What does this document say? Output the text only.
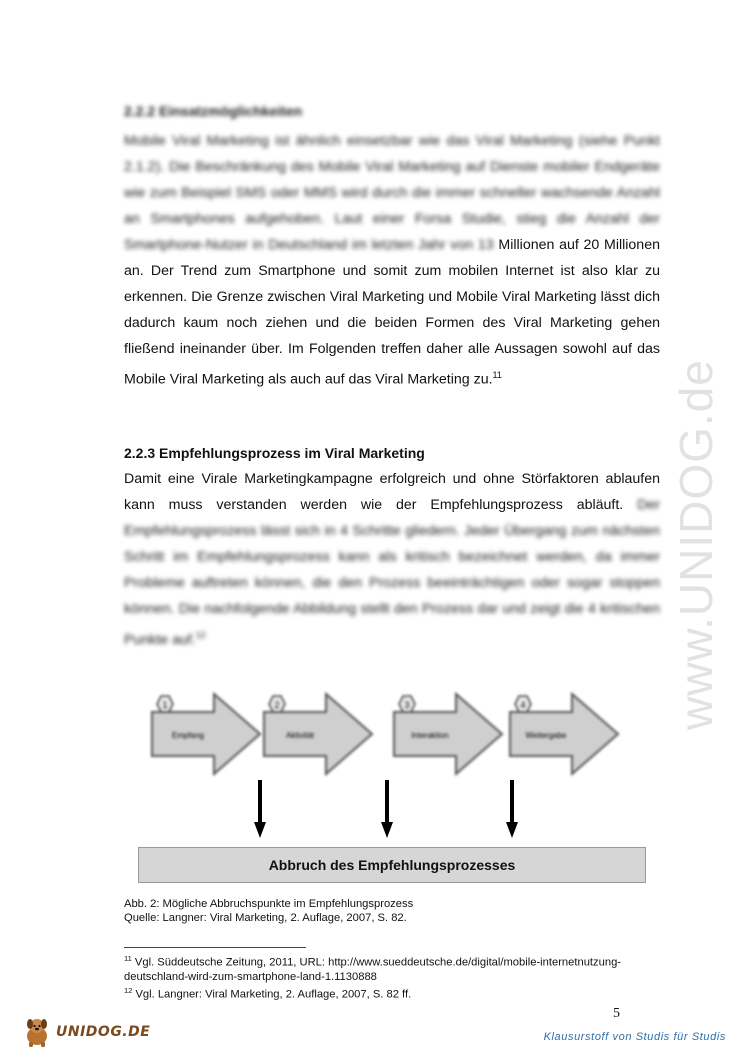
2.2.2 Einsatzmöglichkeiten
Mobile Viral Marketing ist ähnlich einsetzbar wie das Viral Marketing (siehe Punkt 2.1.2). Die Beschränkung des Mobile Viral Marketing auf Dienste mobiler Endgeräte wie zum Beispiel SMS oder MMS wird durch die immer schneller wachsende Anzahl an Smartphones aufgehoben. Laut einer Forsa Studie, stieg die Anzahl der Smartphone-Nutzer in Deutschland im letzten Jahr von 13 Millionen auf 20 Millionen an. Der Trend zum Smartphone und somit zum mobilen Internet ist also klar zu erkennen. Die Grenze zwischen Viral Marketing und Mobile Viral Marketing lässt dich dadurch kaum noch ziehen und die beiden Formen des Viral Marketing gehen fließend ineinander über. Im Folgenden treffen daher alle Aussagen sowohl auf das Mobile Viral Marketing als auch auf das Viral Marketing zu.$^{11}$
2.2.3 Empfehlungsprozess im Viral Marketing
Damit eine Virale Marketingkampagne erfolgreich und ohne Störfaktoren ablaufen kann muss verstanden werden wie der Empfehlungsprozess abläuft. Der Empfehlungsprozess lässt sich in 4 Schritte gliedern. Jeder Übergang zum nächsten Schritt im Empfehlungsprozess kann als kritisch bezeichnet werden, da immer Probleme auftreten können, die den Prozess beeinträchtigen oder sogar stoppen können. Die nachfolgende Abbildung stellt den Prozess dar und zeigt die 4 kritischen Punkte auf.$^{12}$	www.UNIDOG.de
1
Empfang
2
Aktivität
3
Interaktion
4
Weitergabe
Abbruch des Empfehlungsprozesses
Abb. 2: Mögliche Abbruchspunkte im Empfehlungsprozess
Quelle: Langner: Viral Marketing, 2. Auflage, 2007, S. 82.
$^{11}$ Vgl. Süddeutsche Zeitung, 2011, URL: http://www.sueddeutsche.de/digital/mobile-internetnutzung-deutschland-wird-zum-smartphone-land-1.1130888
$^{12}$ Vgl. Langner: Viral Marketing, 2. Auflage, 2007, S. 82 ff.
5
UNIDOG.DE	Klausurstoff von Studis für Studis
